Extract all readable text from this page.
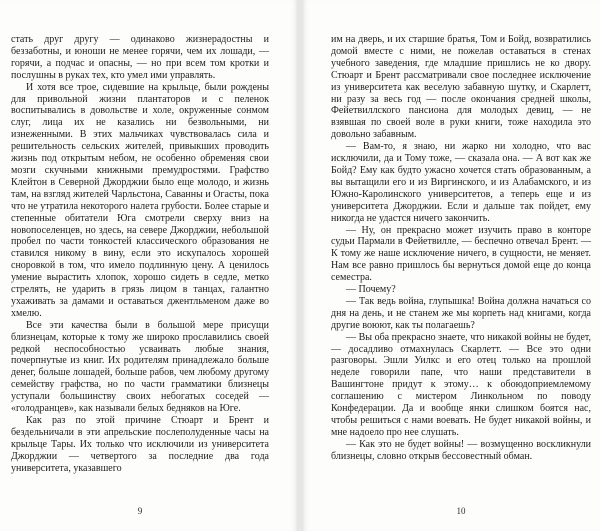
стать друг другу — одинаково жизнерадостны и беззаботны, и юноши не менее горячи, чем их лошади, — горячи, а подчас и опасны, — но при всем том кротки и послушны в руках тех, кто умел ими управлять.

И хотя все трое, сидевшие на крыльце, были рождены для привольной жизни плантаторов и с пеленок воспитывались в довольстве и холе, окруженные сонмом слуг, лица их не казались ни безвольными, ни изнеженными. В этих мальчиках чувствовалась сила и решительность сельских жителей, привыкших проводить жизнь под открытым небом, не особенно обременяя свои мозги скучными книжными премудростями. Графство Клейтон в Северной Джорджии было еще молодо, и жизнь там, на взгляд жителей Чарльстона, Саванны и Огасты, пока что не утратила некоторого налета грубости. Более старые и степенные обитатели Юга смотрели сверху вниз на новопоселенцев, но здесь, на севере Джорджии, небольшой пробел по части тонкостей классического образования не ставился никому в вину, если это искупалось хорошей сноровкой в том, что имело подлинную цену. А ценилось умение вырастить хлопок, хорошо сидеть в седле, метко стрелять, не ударить в грязь лицом в танцах, галантно ухаживать за дамами и оставаться джентльменом даже во хмелю.

Все эти качества были в большой мере присущи близнецам, которые к тому же широко прославились своей редкой неспособностью усваивать любые знания, почерпнутые из книг. Их родителям принадлежало больше денег, больше лошадей, больше рабов, чем любому другому семейству графства, но по части грамматики близнецы уступали большинству своих небогатых соседей — «голодранцев», как называли белых бедняков на Юге.

Как раз по этой причине Стюарт и Брент и бездельничали в эти апрельские послеполуденные часы на крыльце Тары. Их только что исключили из университета Джорджии — четвертого за последние два года университета, указавшего

9

им на дверь, и их старшие братья, Том и Бойд, возвратились домой вместе с ними, не пожелав оставаться в стенах учебного заведения, где младшие пришлись не ко двору. Стюарт и Брент рассматривали свое последнее исключение из университета как веселую забавную шутку, и Скарлетт, ни разу за весь год — после окончания средней школы, Фейетвиллского пансиона для молодых девиц, — не взявшая по своей воле в руки книги, тоже находила это довольно забавным.

— Вам-то, я знаю, ни жарко ни холодно, что вас исключили, да и Тому тоже, — сказала она. — А вот как же Бойд? Ему как будто ужасно хочется стать образованным, а вы вытащили его и из Виргинского, и из Алабамского, и из Южно-Каролинского университетов, а теперь еще и из университета Джорджии. Если и дальше так пойдет, ему никогда не удастся ничего закончить.

— Ну, он прекрасно может изучить право в конторе судьи Пармали в Фейетвилле, — беспечно отвечал Брент. — К тому же наше исключение ничего, в сущности, не меняет. Нам все равно пришлось бы вернуться домой еще до конца семестра.

— Почему?

— Так ведь война, глупышка! Война должна начаться со дня на день, и не станем же мы корпеть над книгами, когда другие воюют, как ты полагаешь?

— Вы оба прекрасно знаете, что никакой войны не будет, — досадливо отмахнулась Скарлетт. — Все это одни разговоры. Эшли Уилкс и его отец только на прошлой неделе говорили папе, что наши представители в Вашингтоне придут к этому… к обоюдоприемлемому соглашению с мистером Линкольном по поводу Конфедерации. Да и вообще янки слишком боятся нас, чтобы решиться с нами воевать. Не будет никакой войны, и мне надоело про нее слушать.

— Как это не будет войны! — возмущенно воскликнули близнецы, словно открыв бессовестный обман.

10
